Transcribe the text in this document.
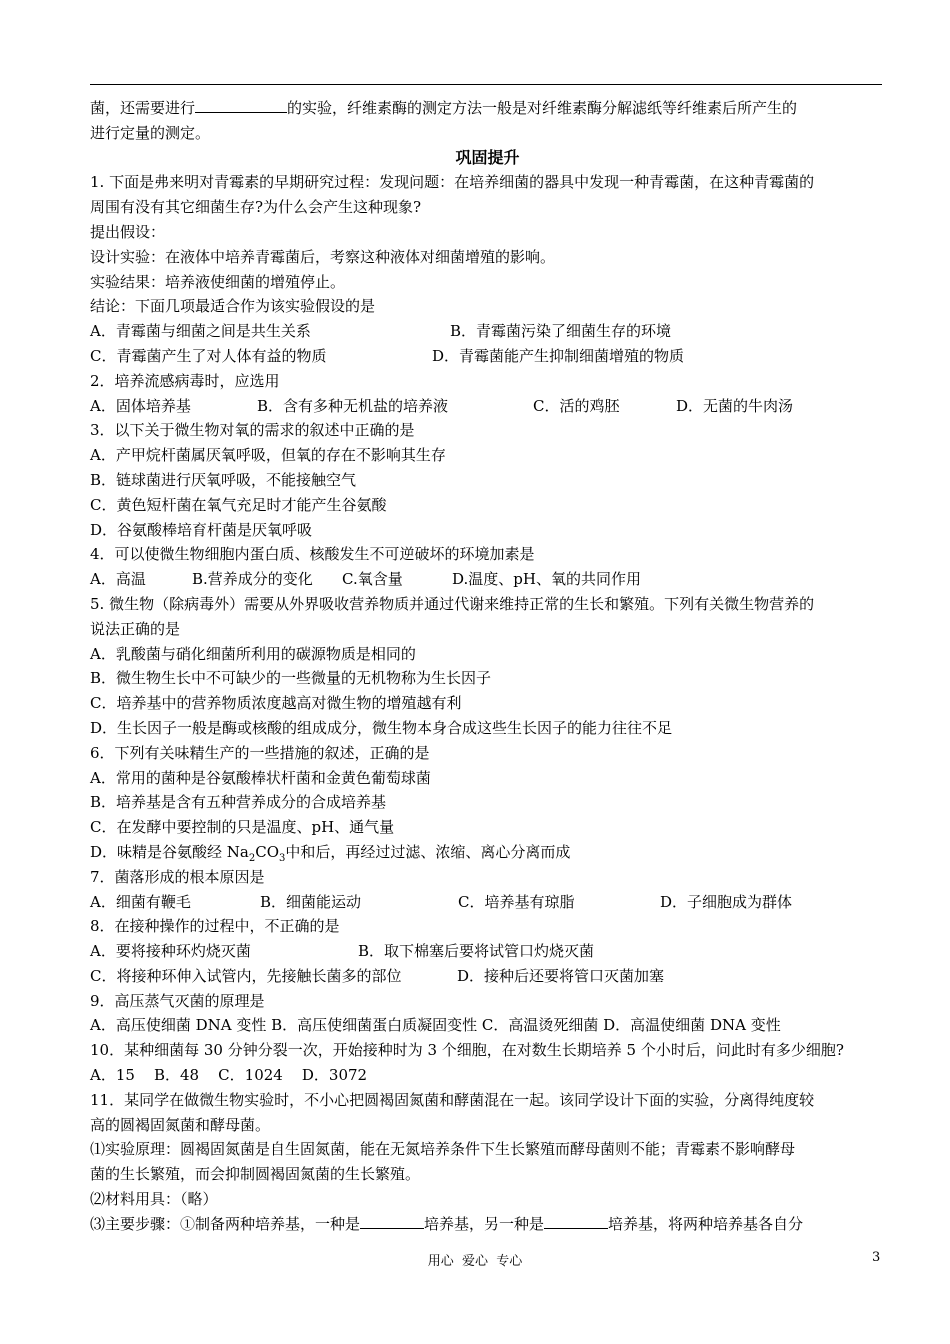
菌，还需要进行	的实验，纤维素酶的测定方法一般是对纤维素酶分解滤纸等纤维素后所产生的
进行定量的测定。
巩固提升
1. 下面是弗来明对青霉素的早期研究过程：发现问题：在培养细菌的器具中发现一种青霉菌，在这种青霉菌的
周围有没有其它细菌生存?为什么会产生这种现象?
提出假设：
设计实验：在液体中培养青霉菌后，考察这种液体对细菌增殖的影响。
实验结果：培养液使细菌的增殖停止。
结论：下面几项最适合作为该实验假设的是
A．青霉菌与细菌之间是共生关系	B．青霉菌污染了细菌生存的环境
C．青霉菌产生了对人体有益的物质	D．青霉菌能产生抑制细菌增殖的物质
2．培养流感病毒时，应选用
A．固体培养基	B．含有多种无机盐的培养液	C．活的鸡胚	D．无菌的牛肉汤
3．以下关于微生物对氧的需求的叙述中正确的是
A．产甲烷杆菌属厌氧呼吸，但氧的存在不影响其生存
B．链球菌进行厌氧呼吸，不能接触空气
C．黄色短杆菌在氧气充足时才能产生谷氨酸
D．谷氨酸棒培育杆菌是厌氧呼吸
4．可以使微生物细胞内蛋白质、核酸发生不可逆破坏的环境加素是
A．高温	B.营养成分的变化 C.氧含量	D.温度、pH、氧的共同作用
5. 微生物（除病毒外）需要从外界吸收营养物质并通过代谢来维持正常的生长和繁殖。下列有关微生物营养的
说法正确的是
A．乳酸菌与硝化细菌所利用的碳源物质是相同的
B．微生物生长中不可缺少的一些微量的无机物称为生长因子
C．培养基中的营养物质浓度越高对微生物的增殖越有利
D．生长因子一般是酶或核酸的组成成分，微生物本身合成这些生长因子的能力往往不足
6．下列有关味精生产的一些措施的叙述，正确的是
A．常用的菌种是谷氨酸棒状杆菌和金黄色葡萄球菌
B．培养基是含有五种营养成分的合成培养基
C．在发酵中要控制的只是温度、pH、通气量
D．味精是谷氨酸经 $Na_2CO_3$中和后，再经过过滤、浓缩、离心分离而成
7．菌落形成的根本原因是
A．细菌有鞭毛	B．细菌能运动	C．培养基有琼脂	D．子细胞成为群体
8．在接种操作的过程中，不正确的是
A．要将接种环灼烧灭菌	B．取下棉塞后要将试管口灼烧灭菌
C．将接种环伸入试管内，先接触长菌多的部位	D．接种后还要将管口灭菌加塞
9．高压蒸气灭菌的原理是
A．高压使细菌 DNA 变性 B．高压使细菌蛋白质凝固变性 C．高温烫死细菌 D．高温使细菌 DNA 变性
10．某种细菌每 30 分钟分裂一次，开始接种时为 3 个细胞，在对数生长期培养 5 个小时后，问此时有多少细胞?
A．15    B．48    C．1024    D．3072
11．某同学在做微生物实验时，不小心把圆褐固氮菌和酵菌混在一起。该同学设计下面的实验，分离得纯度较
高的圆褐固氮菌和酵母菌。
⑴实验原理：圆褐固氮菌是自生固氮菌，能在无氮培养条件下生长繁殖而酵母菌则不能；青霉素不影响酵母
菌的生长繁殖，而会抑制圆褐固氮菌的生长繁殖。
⑵材料用具：（略）
⑶主要步骤：①制备两种培养基，一种是	培养基，另一种是	培养基，将两种培养基各自分
用心  爱心  专心	3
